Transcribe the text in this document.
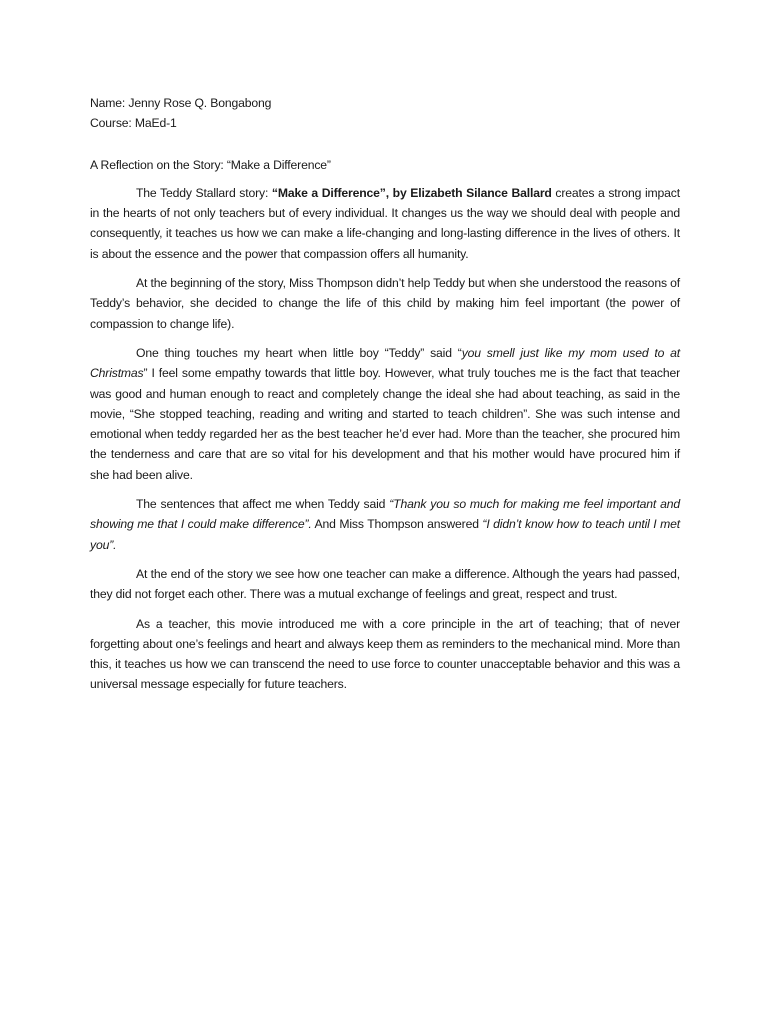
Name: Jenny Rose Q. Bongabong

Course: MaEd-1

A Reflection on the Story: “Make a Difference”

The Teddy Stallard story: “Make a Difference”, by Elizabeth Silance Ballard creates a strong impact in the hearts of not only teachers but of every individual. It changes us the way we should deal with people and consequently, it teaches us how we can make a life-changing and long-lasting difference in the lives of others. It is about the essence and the power that compassion offers all humanity.

At the beginning of the story, Miss Thompson didn’t help Teddy but when she understood the reasons of Teddy’s behavior, she decided to change the life of this child by making him feel important (the power of compassion to change life).

One thing touches my heart when little boy “Teddy” said “you smell just like my mom used to at Christmas” I feel some empathy towards that little boy. However, what truly touches me is the fact that teacher was good and human enough to react and completely change the ideal she had about teaching, as said in the movie, “She stopped teaching, reading and writing and started to teach children”. She was such intense and emotional when teddy regarded her as the best teacher he’d ever had. More than the teacher, she procured him the tenderness and care that are so vital for his development and that his mother would have procured him if she had been alive.

The sentences that affect me when Teddy said “Thank you so much for making me feel important and showing me that I could make difference”. And Miss Thompson answered “I didn’t know how to teach until I met you”.

At the end of the story we see how one teacher can make a difference. Although the years had passed, they did not forget each other. There was a mutual exchange of feelings and great, respect and trust.

As a teacher, this movie introduced me with a core principle in the art of teaching; that of never forgetting about one’s feelings and heart and always keep them as reminders to the mechanical mind. More than this, it teaches us how we can transcend the need to use force to counter unacceptable behavior and this was a universal message especially for future teachers.
